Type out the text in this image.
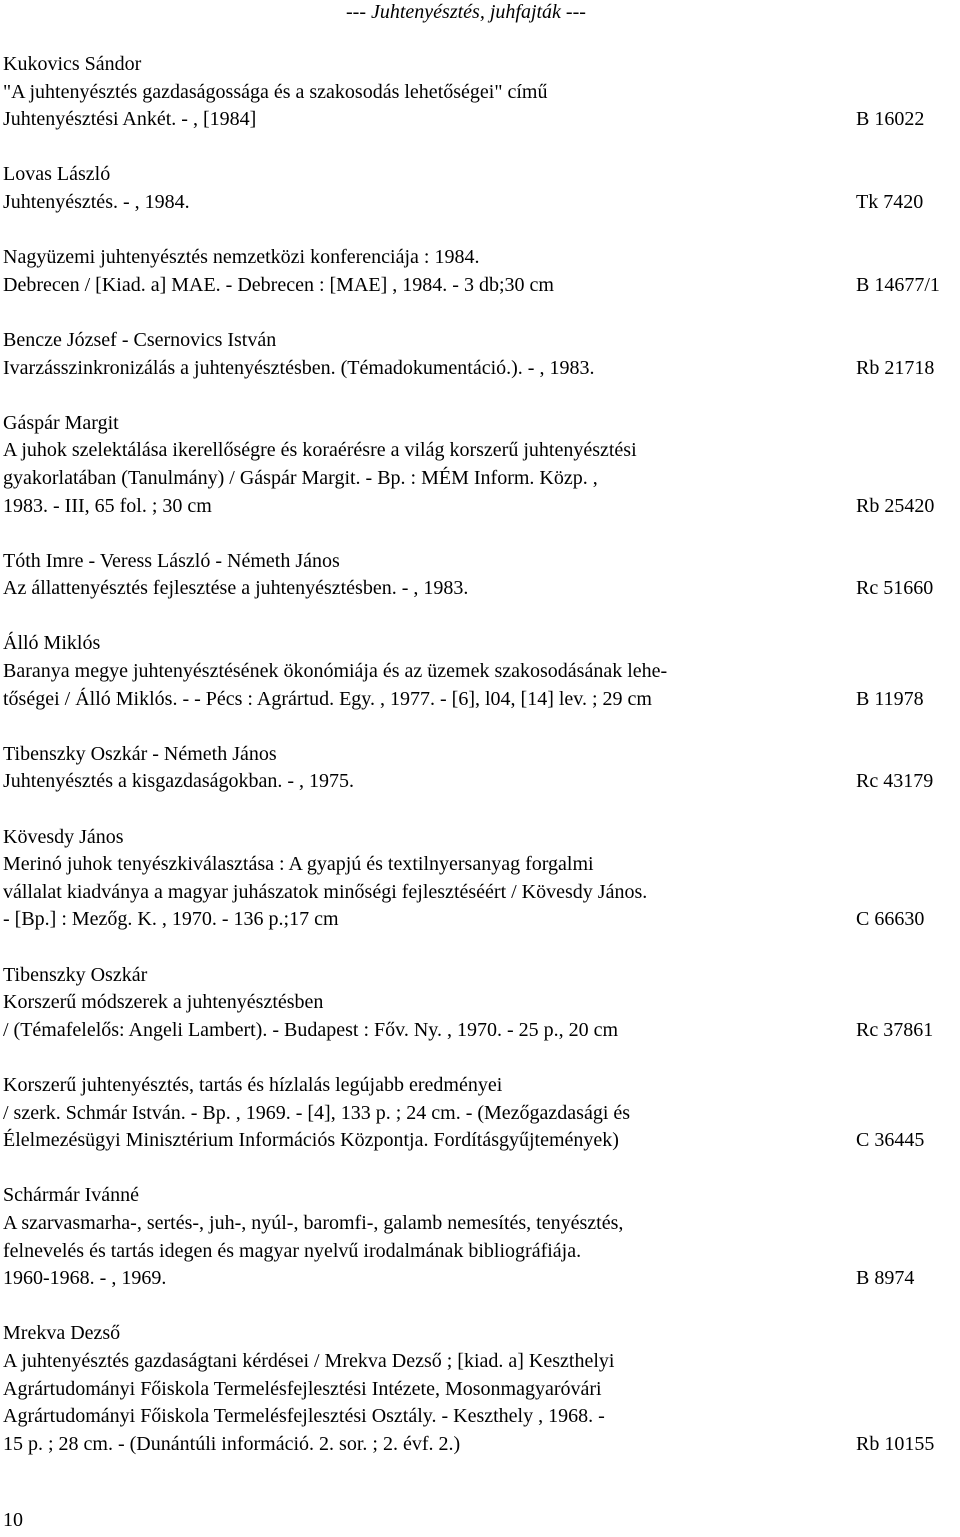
--- Juhtenyésztés, juhfajták ---
Kukovics Sándor
"A juhtenyésztés gazdaságossága és a szakosodás lehetőségei" című
Juhtenyésztési Ankét. - , [1984]	B 16022
Lovas László
Juhtenyésztés. - , 1984.	Tk 7420
Nagyüzemi juhtenyésztés nemzetközi konferenciája : 1984.
Debrecen / [Kiad. a] MAE. - Debrecen : [MAE] , 1984. - 3 db;30 cm	B 14677/1
Bencze József - Csernovics István
Ivarzásszinkronizálás a juhtenyésztésben. (Témadokumentáció.). - , 1983.	Rb 21718
Gáspár Margit
A juhok szelektálása ikerellőségre és koraérésre a világ korszerű juhtenyésztési
gyakorlatában (Tanulmány) / Gáspár Margit. - Bp. : MÉM Inform. Közp. ,
1983. - III, 65 fol. ; 30 cm	Rb 25420
Tóth Imre - Veress László - Németh János
Az állattenyésztés fejlesztése a juhtenyésztésben. - , 1983.	Rc 51660
Álló Miklós
Baranya megye juhtenyésztésének ökonómiája és az üzemek szakosodásának lehe-
tőségei / Álló Miklós. - - Pécs : Agrártud. Egy. , 1977. - [6], l04, [14] lev. ; 29 cm	B 11978
Tibenszky Oszkár - Németh János
Juhtenyésztés a kisgazdaságokban. - , 1975.	Rc 43179
Kövesdy János
Merinó juhok tenyészkiválasztása : A gyapjú és textilnyersanyag forgalmi
vállalat kiadványa a magyar juhászatok minőségi fejlesztéséért / Kövesdy János.
- [Bp.] : Mezőg. K. , 1970. - 136 p.;17 cm	C 66630
Tibenszky Oszkár
Korszerű módszerek a juhtenyésztésben
/ (Témafelelős: Angeli Lambert). - Budapest : Főv. Ny. , 1970. - 25 p., 20 cm	Rc 37861
Korszerű juhtenyésztés, tartás és hízlalás legújabb eredményei
/ szerk. Schmár István. - Bp. , 1969. - [4], 133 p. ; 24 cm. - (Mezőgazdasági és
Élelmezésügyi Minisztérium Információs Központja. Fordításgyűjtemények)	C 36445
Schármár Ivánné
A szarvasmarha-, sertés-, juh-, nyúl-, baromfi-, galamb nemesítés, tenyésztés,
felnevelés és tartás idegen és magyar nyelvű irodalmának bibliográfiája.
1960-1968. - , 1969.	B 8974
Mrekva Dezső
A juhtenyésztés gazdaságtani kérdései / Mrekva Dezső ; [kiad. a] Keszthelyi
Agrártudományi Főiskola Termelésfejlesztési Intézete, Mosonmagyaróvári
Agrártudományi Főiskola Termelésfejlesztési Osztály. - Keszthely , 1968. -
15 p. ; 28 cm. - (Dunántúli információ. 2. sor. ; 2. évf. 2.)	Rb 10155
10
